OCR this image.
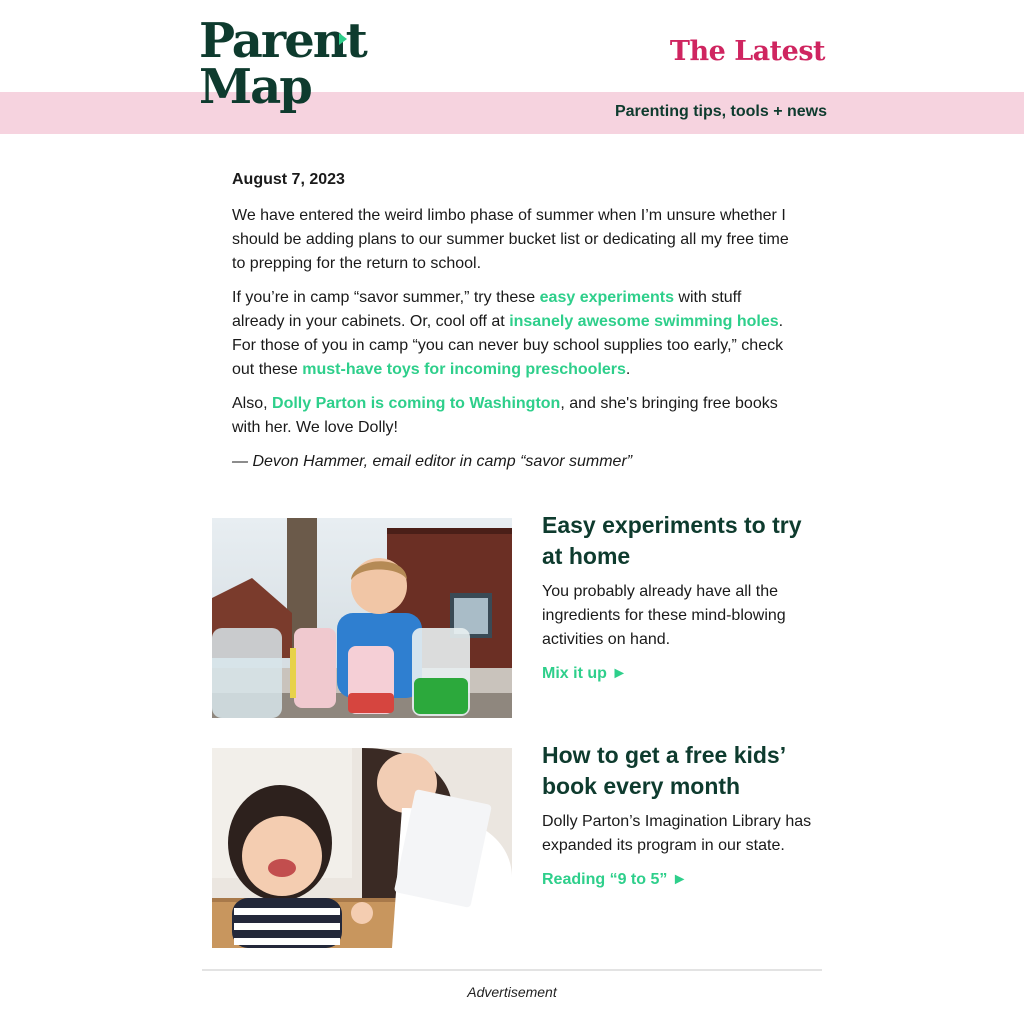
Parent
Map
The Latest
Parenting tips, tools + news
August 7, 2023

We have entered the weird limbo phase of summer when I’m unsure whether I should be adding plans to our summer bucket list or dedicating all my free time to prepping for the return to school.

If you’re in camp “savor summer,” try these easy experiments with stuff already in your cabinets. Or, cool off at insanely awesome swimming holes. For those of you in camp “you can never buy school supplies too early,” check out these must-have toys for incoming preschoolers.

Also, Dolly Parton is coming to Washington, and she's bringing free books with her. We love Dolly!

— Devon Hammer, email editor in camp “savor summer”

Easy experiments to try at home

You probably already have all the ingredients for these mind-blowing activities on hand.

Mix it up ►
How to get a free kids’ book every month

Dolly Parton’s Imagination Library has expanded its program in our state.

Reading “9 to 5” ►
Advertisement
